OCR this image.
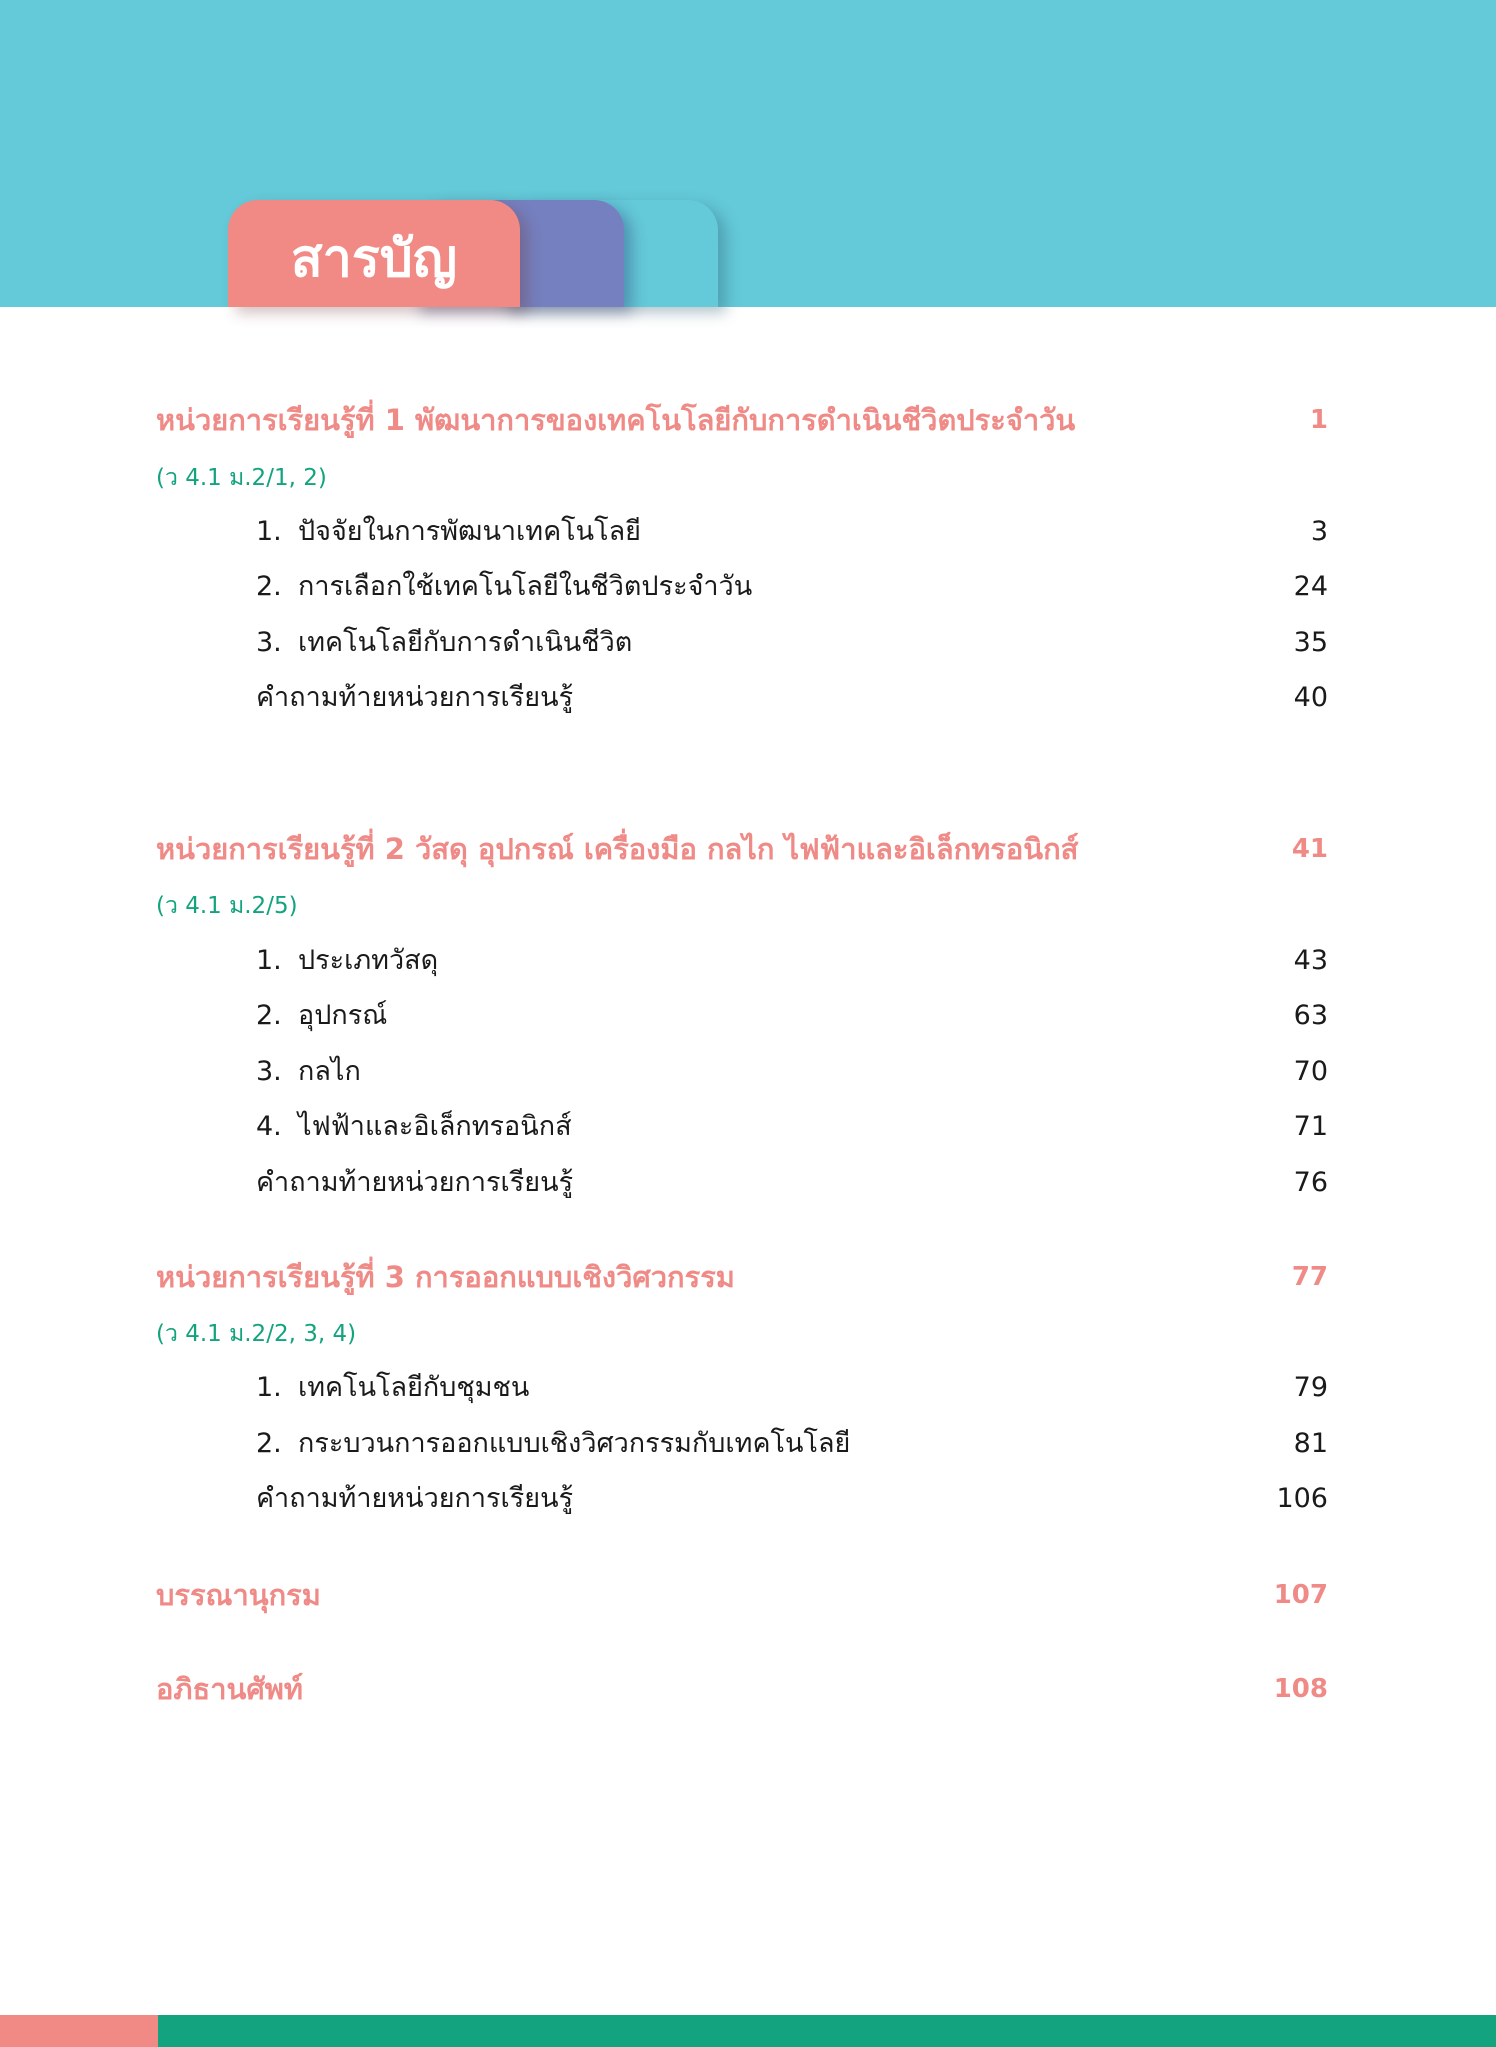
สารบัญ
หน่วยการเรียนรู้ที่ 1 พัฒนาการของเทคโนโลยีกับการดำเนินชีวิตประจำวัน	1
(ว 4.1 ม.2/1, 2)
1. ปัจจัยในการพัฒนาเทคโนโลยี	3
2. การเลือกใช้เทคโนโลยีในชีวิตประจำวัน	24
3. เทคโนโลยีกับการดำเนินชีวิต	35
คำถามท้ายหน่วยการเรียนรู้	40
หน่วยการเรียนรู้ที่ 2 วัสดุ อุปกรณ์ เครื่องมือ กลไก ไฟฟ้าและอิเล็กทรอนิกส์	41
(ว 4.1 ม.2/5)
1. ประเภทวัสดุ	43
2. อุปกรณ์	63
3. กลไก	70
4. ไฟฟ้าและอิเล็กทรอนิกส์	71
คำถามท้ายหน่วยการเรียนรู้	76
หน่วยการเรียนรู้ที่ 3 การออกแบบเชิงวิศวกรรม	77
(ว 4.1 ม.2/2, 3, 4)
1. เทคโนโลยีกับชุมชน	79
2. กระบวนการออกแบบเชิงวิศวกรรมกับเทคโนโลยี	81
คำถามท้ายหน่วยการเรียนรู้	106
บรรณานุกรม	107
อภิธานศัพท์	108
